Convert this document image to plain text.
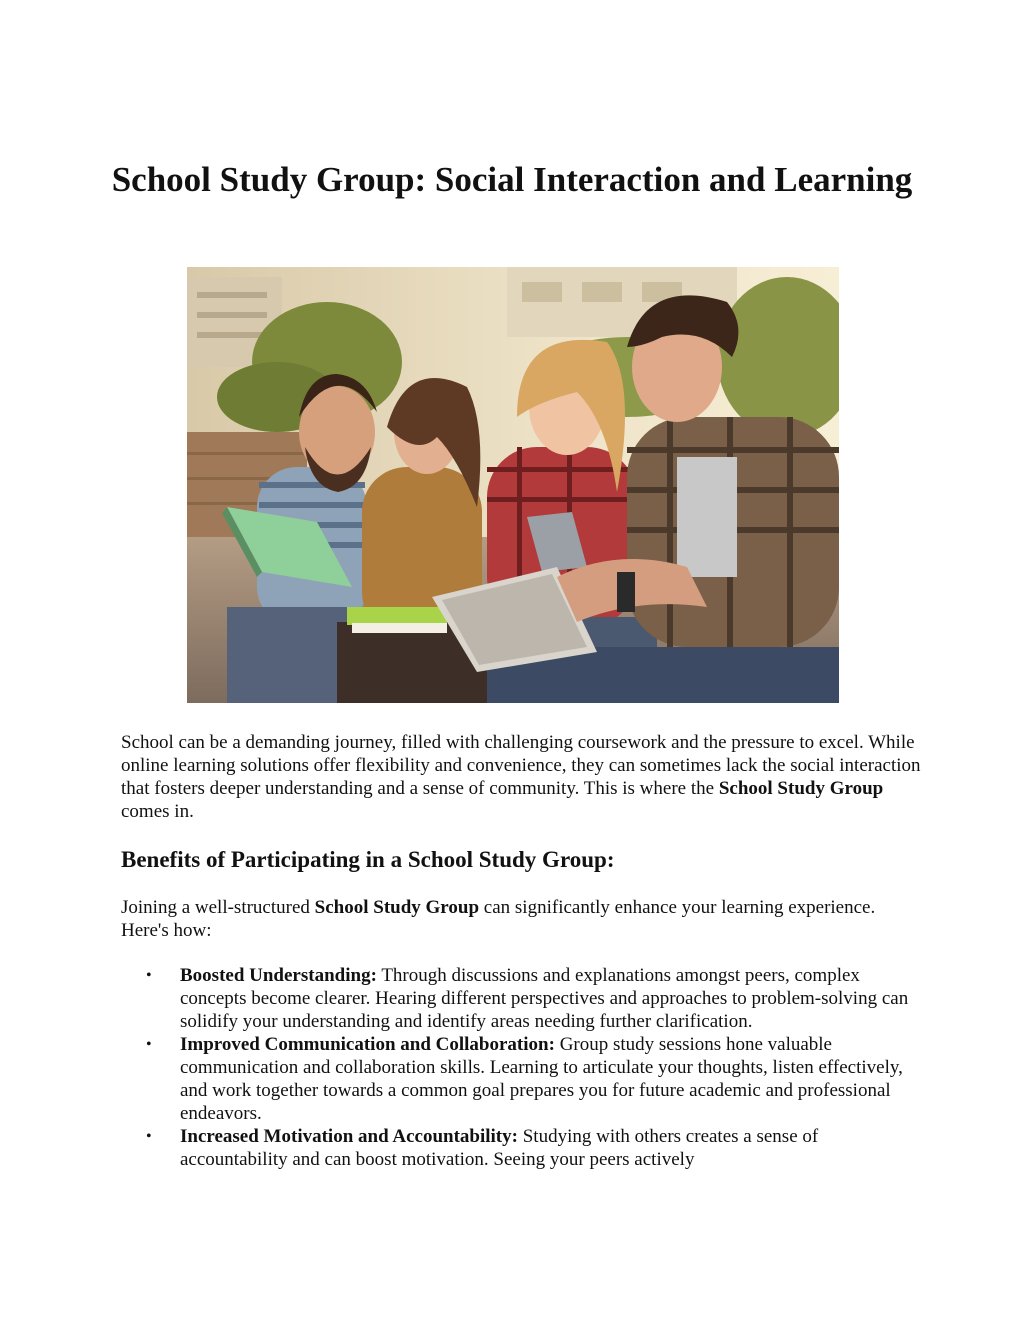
School Study Group: Social Interaction and Learning

School can be a demanding journey, filled with challenging coursework and the pressure to excel. While online learning solutions offer flexibility and convenience, they can sometimes lack the social interaction that fosters deeper understanding and a sense of community. This is where the School Study Group comes in.

Benefits of Participating in a School Study Group:

Joining a well-structured School Study Group can significantly enhance your learning experience. Here's how:

• Boosted Understanding: Through discussions and explanations amongst peers, complex concepts become clearer. Hearing different perspectives and approaches to problem-solving can solidify your understanding and identify areas needing further clarification.
• Improved Communication and Collaboration: Group study sessions hone valuable communication and collaboration skills. Learning to articulate your thoughts, listen effectively, and work together towards a common goal prepares you for future academic and professional endeavors.
• Increased Motivation and Accountability: Studying with others creates a sense of accountability and can boost motivation. Seeing your peers actively
